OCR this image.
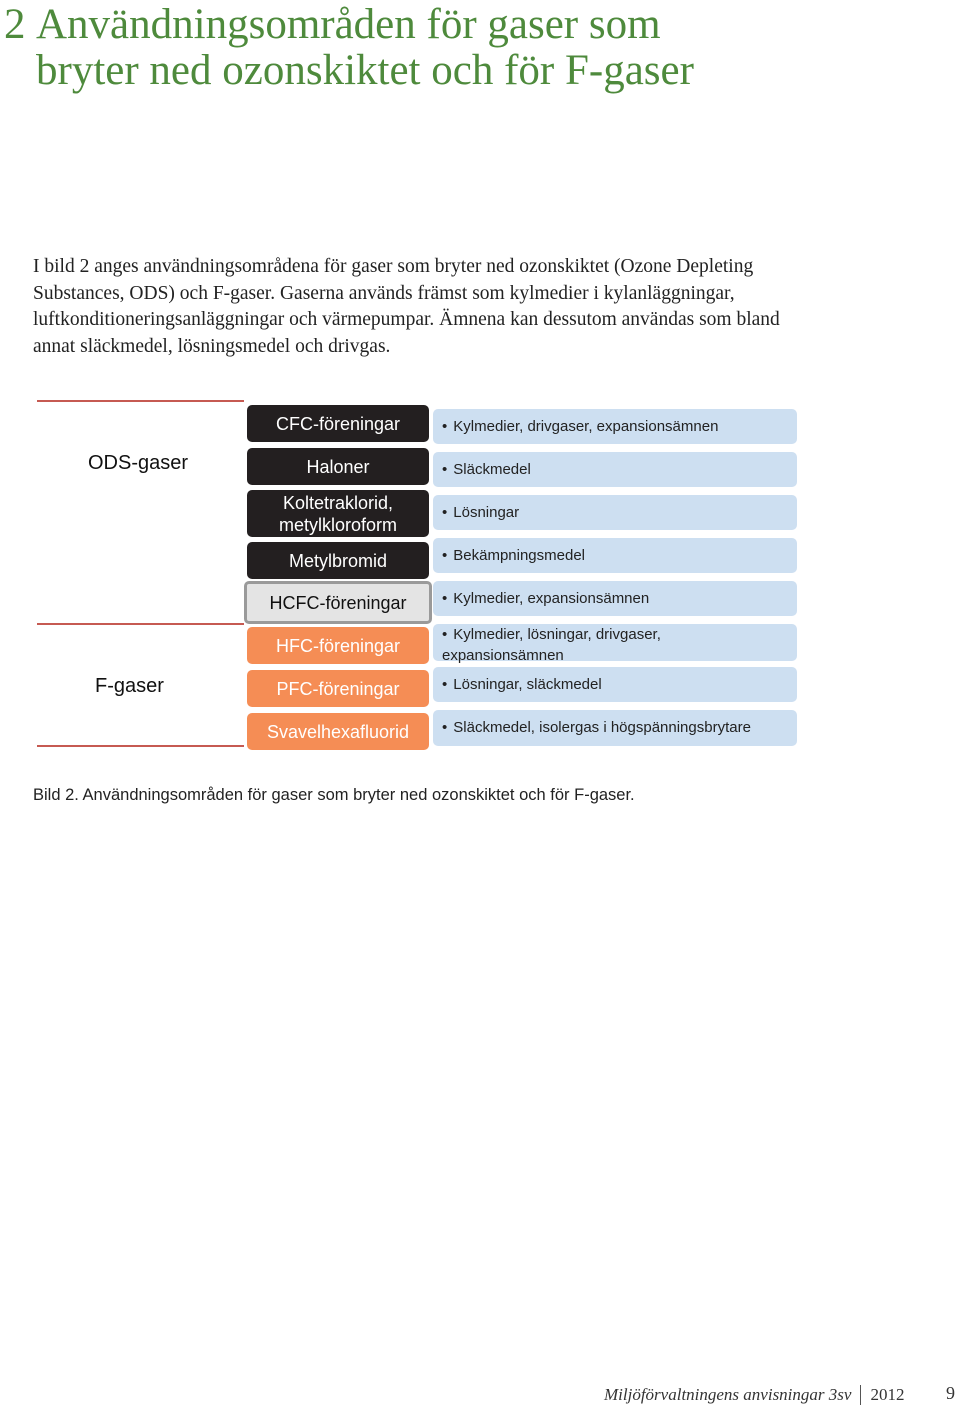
2 Användningsområden för gaser som
bryter ned ozonskiktet och för F-gaser

I bild 2 anges användningsområdena för gaser som bryter ned ozonskiktet (Ozone Depleting Substances, ODS) och F-gaser. Gaserna används främst som kylmedier i kylanläggningar, luftkonditioneringsanläggningar och värmepumpar. Ämnena kan dessutom användas som bland annat släckmedel, lösningsmedel och drivgas.

ODS-gaser
F-gaser
CFC-föreningar
Haloner
Koltetraklorid,
metylkloroform
Metylbromid
HCFC-föreningar
HFC-föreningar
PFC-föreningar
Svavelhexafluorid
• Kylmedier, drivgaser, expansionsämnen
• Släckmedel
• Lösningar
• Bekämpningsmedel
• Kylmedier, expansionsämnen
• Kylmedier, lösningar, drivgaser,
expansionsämnen
• Lösningar, släckmedel
• Släckmedel, isolergas i högspänningsbrytare

Bild 2. Användningsområden för gaser som bryter ned ozonskiktet och för F-gaser.

Miljöförvaltningens anvisningar 3sv 2012 9
